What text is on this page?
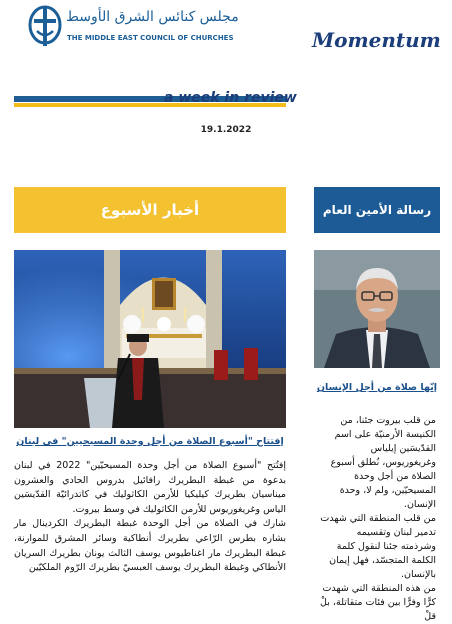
مجلس كنائس الشرق الأوسط
THE MIDDLE EAST COUNCIL OF CHURCHES	Momentum
a week in review
19.1.2022
أخبار الأسبوع	رسالة الأمين العام
إفتتاح "أسبوع الصلاة من أجل وحدة المسيحيين" في لبنان

إفتُتح "أسبوع الصلاة من أجل وحدة المسيحيّين" 2022 في لبنان بدعوة من غبطة البطريرك رافائيل بدروس الحادي والعشرون ميناسيان بطريرك كيليكيا للأرمن الكاثوليك في كاتدرائيّة القدّيسَين الياس وغريغوريوس للأرمن الكاثوليك في وسط بيروت.

شارك في الصلاة من أجل الوحدة غبطة البطريرك الكردينال مار بشاره بطرس الرّاعي بطريرك أنطاكية وسائر المشرق للموارنة، غبطة البطريرك مار اغناطيوس يوسف الثالث يونان بطريرك السريان الأنطاكي وغبطة البطريرك يوسف العبسيّ بطريرك الرّوم الملكيّين

إنّها صلاة من أجل الإنسان

من قلب بيروت جئنا، من الكنيسة الأرمنيّة على اسم القدّيسَين إيلياس وغريغوريوس، نُطلق أسبوع الصلاة من أجل وحدة المسيحيّين، ولم لا، وحدة الإنسان.

من قلب المنطقة التي شهدت تدمير لبنان وتقسيمه وشرذمته جئنا لنقول كلمة الكلمة المتجسّد، فهل إيمان بالإنسان.

من هذه المنطقة التي شهدت كرًّا وفرًّا بين فئات متقاتلة، بلْ قلْ
